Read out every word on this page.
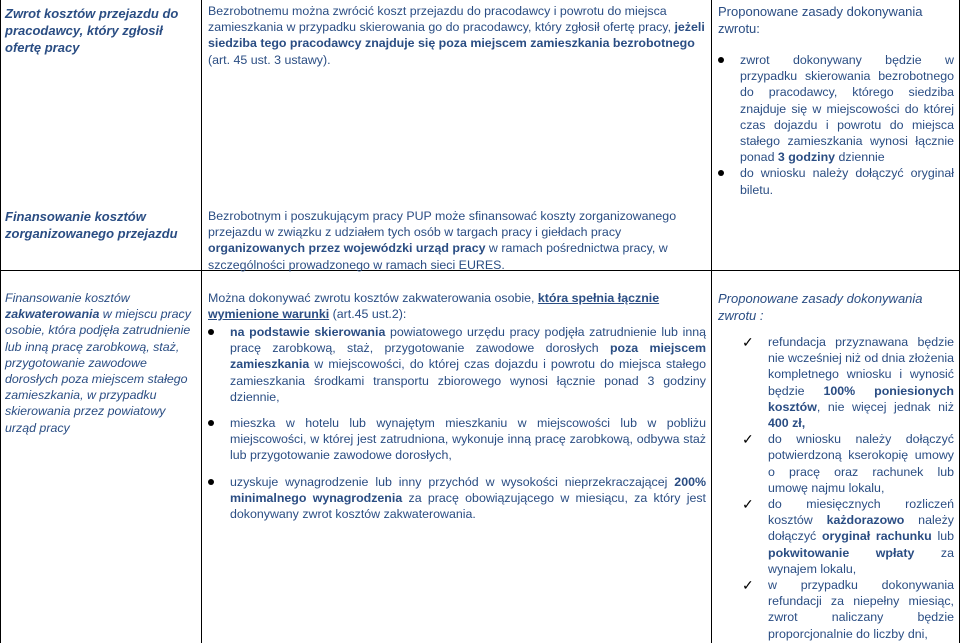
Zwrot kosztów przejazdu do pracodawcy, który zgłosił ofertę pracy
Bezrobotnemu można zwrócić koszt przejazdu do pracodawcy i powrotu do miejsca zamieszkania w przypadku skierowania go do pracodawcy, który zgłosił ofertę pracy, jeżeli siedziba tego pracodawcy znajduje się poza miejscem zamieszkania bezrobotnego (art. 45 ust. 3 ustawy).
Proponowane zasady dokonywania zwrotu:
zwrot dokonywany będzie w przypadku skierowania bezrobotnego do pracodawcy, którego siedziba znajduje się w miejscowości do której czas dojazdu i powrotu do miejsca stałego zamieszkania wynosi łącznie ponad 3 godziny dziennie
do wniosku należy dołączyć oryginał biletu.
Finansowanie kosztów zorganizowanego przejazdu
Bezrobotnym i poszukującym pracy PUP może sfinansować koszty zorganizowanego przejazdu w związku z udziałem tych osób w targach pracy i giełdach pracy organizowanych przez wojewódzki urząd pracy w ramach pośrednictwa pracy, w szczególności prowadzonego w ramach sieci EURES.
Finansowanie kosztów zakwaterowania w miejscu pracy osobie, która podjęła zatrudnienie lub inną pracę zarobkową, staż, przygotowanie zawodowe dorosłych poza miejscem stałego zamieszkania, w przypadku skierowania przez powiatowy urząd pracy
Można dokonywać zwrotu kosztów zakwaterowania osobie, która spełnia łącznie wymienione warunki (art.45 ust.2):
na podstawie skierowania powiatowego urzędu pracy podjęła zatrudnienie lub inną pracę zarobkową, staż, przygotowanie zawodowe dorosłych poza miejscem zamieszkania w miejscowości, do której czas dojazdu i powrotu do miejsca stałego zamieszkania środkami transportu zbiorowego wynosi łącznie ponad 3 godziny dziennie,
mieszka w hotelu lub wynajętym mieszkaniu w miejscowości lub w pobliżu miejscowości, w której jest zatrudniona, wykonuje inną pracę zarobkową, odbywa staż lub przygotowanie zawodowe dorosłych,
uzyskuje wynagrodzenie lub inny przychód w wysokości nieprzekraczającej 200% minimalnego wynagrodzenia za pracę obowiązującego w miesiącu, za który jest dokonywany zwrot kosztów zakwaterowania.
Proponowane zasady dokonywania zwrotu :
✓ refundacja przyznawana będzie nie wcześniej niż od dnia złożenia kompletnego wniosku i wynosić będzie 100% poniesionych kosztów, nie więcej jednak niż 400 zł,
✓ do wniosku należy dołączyć potwierdzoną kserokopię umowy o pracę oraz rachunek lub umowę najmu lokalu,
✓ do miesięcznych rozliczeń kosztów każdorazowo należy dołączyć oryginał rachunku lub pokwitowanie wpłaty za wynajem lokalu,
✓ w przypadku dokonywania refundacji za niepełny miesiąc, zwrot naliczany będzie proporcjonalnie do liczby dni,
